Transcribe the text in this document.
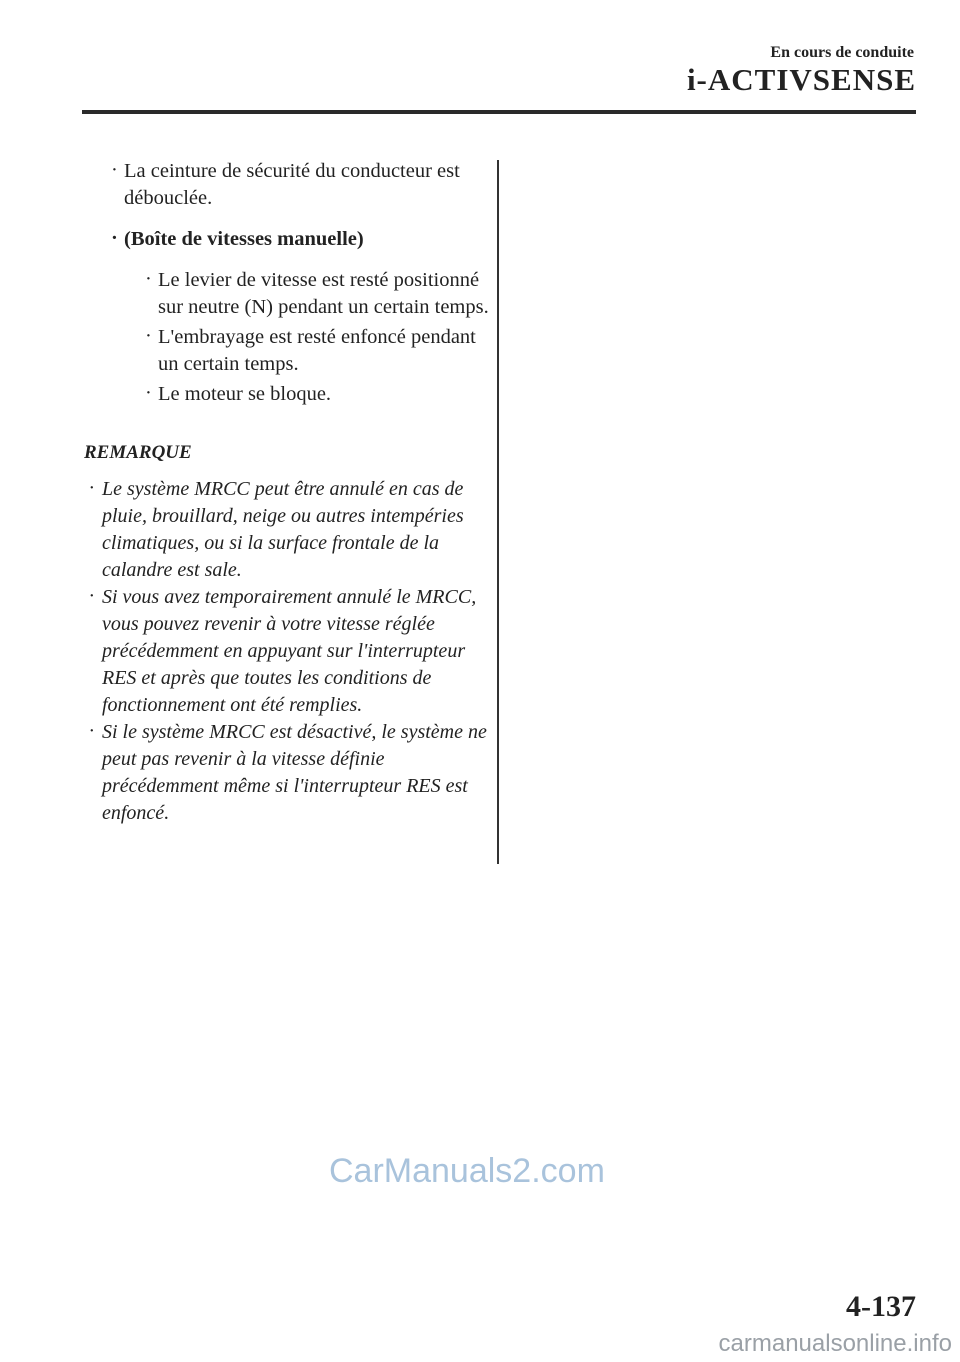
En cours de conduite
i-ACTIVSENSE
· La ceinture de sécurité du conducteur est débouclée.
· (Boîte de vitesses manuelle)
· Le levier de vitesse est resté positionné sur neutre (N) pendant un certain temps.
· L'embrayage est resté enfoncé pendant un certain temps.
· Le moteur se bloque.
REMARQUE
· Le système MRCC peut être annulé en cas de pluie, brouillard, neige ou autres intempéries climatiques, ou si la surface frontale de la calandre est sale.
· Si vous avez temporairement annulé le MRCC, vous pouvez revenir à votre vitesse réglée précédemment en appuyant sur l'interrupteur RES et après que toutes les conditions de fonctionnement ont été remplies.
· Si le système MRCC est désactivé, le système ne peut pas revenir à la vitesse définie précédemment même si l'interrupteur RES est enfoncé.
CarManuals2.com
4-137
carmanualsonline.info
